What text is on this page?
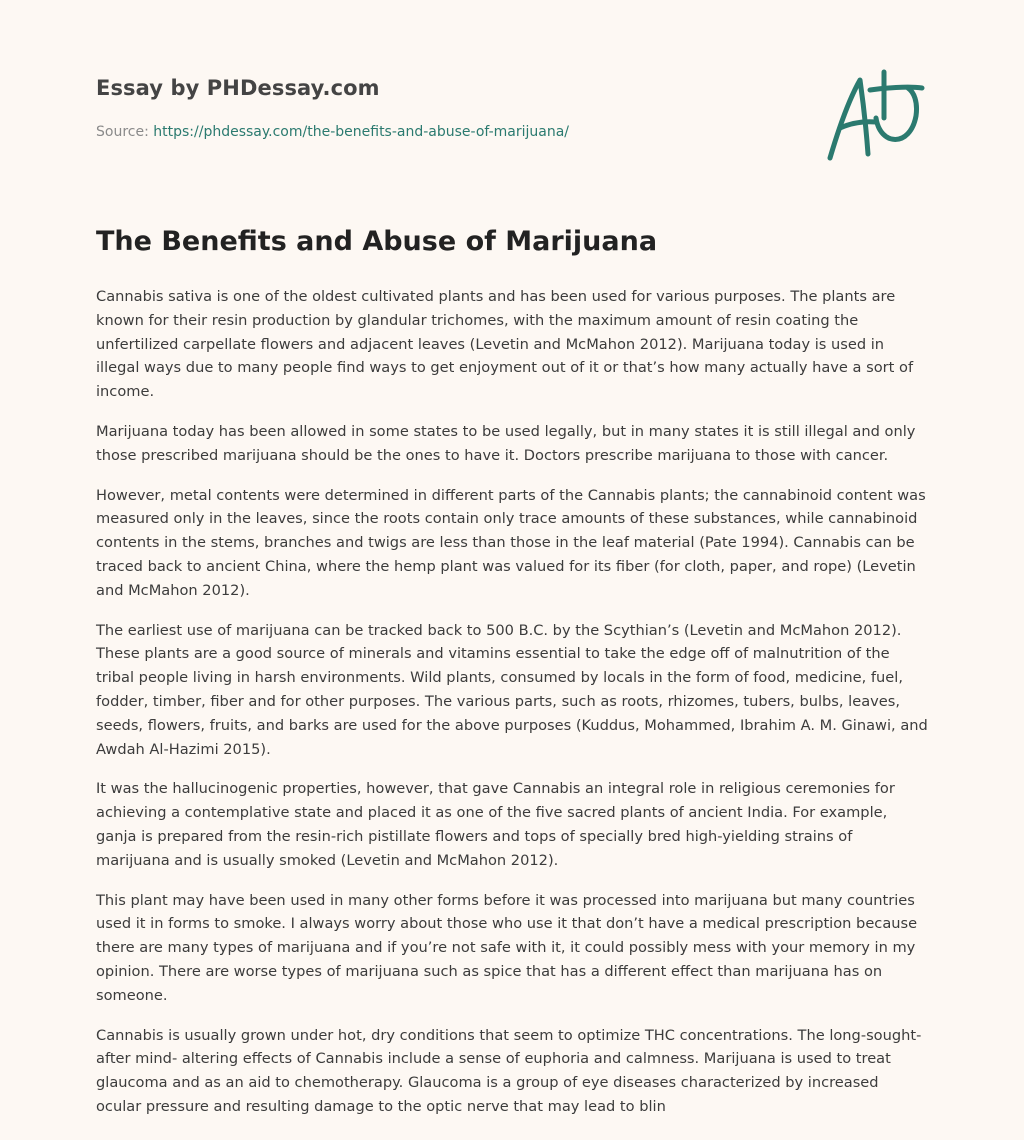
Essay by PHDessay.com
Source: https://phdessay.com/the-benefits-and-abuse-of-marijuana/
The Benefits and Abuse of Marijuana

Cannabis sativa is one of the oldest cultivated plants and has been used for various purposes. The plants are known for their resin production by glandular trichomes, with the maximum amount of resin coating the unfertilized carpellate flowers and adjacent leaves (Levetin and McMahon 2012). Marijuana today is used in illegal ways due to many people find ways to get enjoyment out of it or that’s how many actually have a sort of income.

Marijuana today has been allowed in some states to be used legally, but in many states it is still illegal and only those prescribed marijuana should be the ones to have it. Doctors prescribe marijuana to those with cancer.

However, metal contents were determined in different parts of the Cannabis plants; the cannabinoid content was measured only in the leaves, since the roots contain only trace amounts of these substances, while cannabinoid contents in the stems, branches and twigs are less than those in the leaf material (Pate 1994). Cannabis can be traced back to ancient China, where the hemp plant was valued for its fiber (for cloth, paper, and rope) (Levetin and McMahon 2012).

The earliest use of marijuana can be tracked back to 500 B.C. by the Scythian’s (Levetin and McMahon 2012). These plants are a good source of minerals and vitamins essential to take the edge off of malnutrition of the tribal people living in harsh environments. Wild plants, consumed by locals in the form of food, medicine, fuel, fodder, timber, fiber and for other purposes. The various parts, such as roots, rhizomes, tubers, bulbs, leaves, seeds, flowers, fruits, and barks are used for the above purposes (Kuddus, Mohammed, Ibrahim A. M. Ginawi, and Awdah Al-Hazimi 2015).

It was the hallucinogenic properties, however, that gave Cannabis an integral role in religious ceremonies for achieving a contemplative state and placed it as one of the five sacred plants of ancient India. For example, ganja is prepared from the resin-rich pistillate flowers and tops of specially bred high-yielding strains of marijuana and is usually smoked (Levetin and McMahon 2012).

This plant may have been used in many other forms before it was processed into marijuana but many countries used it in forms to smoke. I always worry about those who use it that don’t have a medical prescription because there are many types of marijuana and if you’re not safe with it, it could possibly mess with your memory in my opinion. There are worse types of marijuana such as spice that has a different effect than marijuana has on someone.

Cannabis is usually grown under hot, dry conditions that seem to optimize THC concentrations. The long-sought-after mind- altering effects of Cannabis include a sense of euphoria and calmness. Marijuana is used to treat glaucoma and as an aid to chemotherapy. Glaucoma is a group of eye diseases characterized by increased ocular pressure and resulting damage to the optic nerve that may lead to blin
